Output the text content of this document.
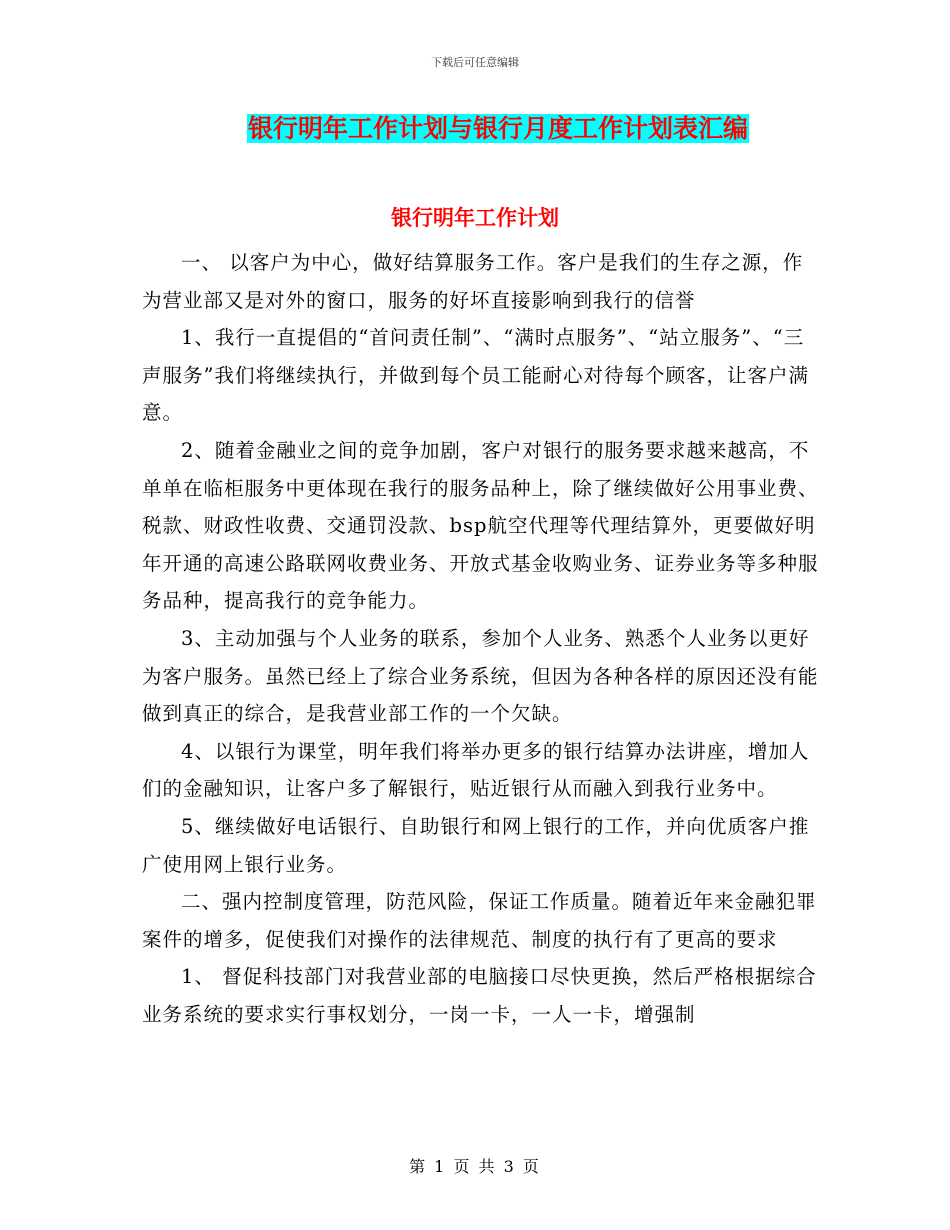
下载后可任意编辑
银行明年工作计划与银行月度工作计划表汇编
银行明年工作计划

一、 以客户为中心，做好结算服务工作。客户是我们的生存之源，作为营业部又是对外的窗口，服务的好坏直接影响到我行的信誉

1、我行一直提倡的“首问责任制”、“满时点服务”、“站立服务”、“三声服务”我们将继续执行，并做到每个员工能耐心对待每个顾客，让客户满意。

2、随着金融业之间的竞争加剧，客户对银行的服务要求越来越高，不单单在临柜服务中更体现在我行的服务品种上，除了继续做好公用事业费、税款、财政性收费、交通罚没款、bsp航空代理等代理结算外，更要做好明年开通的高速公路联网收费业务、开放式基金收购业务、证券业务等多种服务品种，提高我行的竞争能力。

3、主动加强与个人业务的联系，参加个人业务、熟悉个人业务以更好为客户服务。虽然已经上了综合业务系统，但因为各种各样的原因还没有能做到真正的综合，是我营业部工作的一个欠缺。

4、以银行为课堂，明年我们将举办更多的银行结算办法讲座，增加人们的金融知识，让客户多了解银行，贴近银行从而融入到我行业务中。

5、继续做好电话银行、自助银行和网上银行的工作，并向优质客户推广使用网上银行业务。

二、强内控制度管理，防范风险，保证工作质量。随着近年来金融犯罪案件的增多，促使我们对操作的法律规范、制度的执行有了更高的要求

1、 督促科技部门对我营业部的电脑接口尽快更换，然后严格根据综合业务系统的要求实行事权划分，一岗一卡，一人一卡，增强制

第 1 页 共 3 页
